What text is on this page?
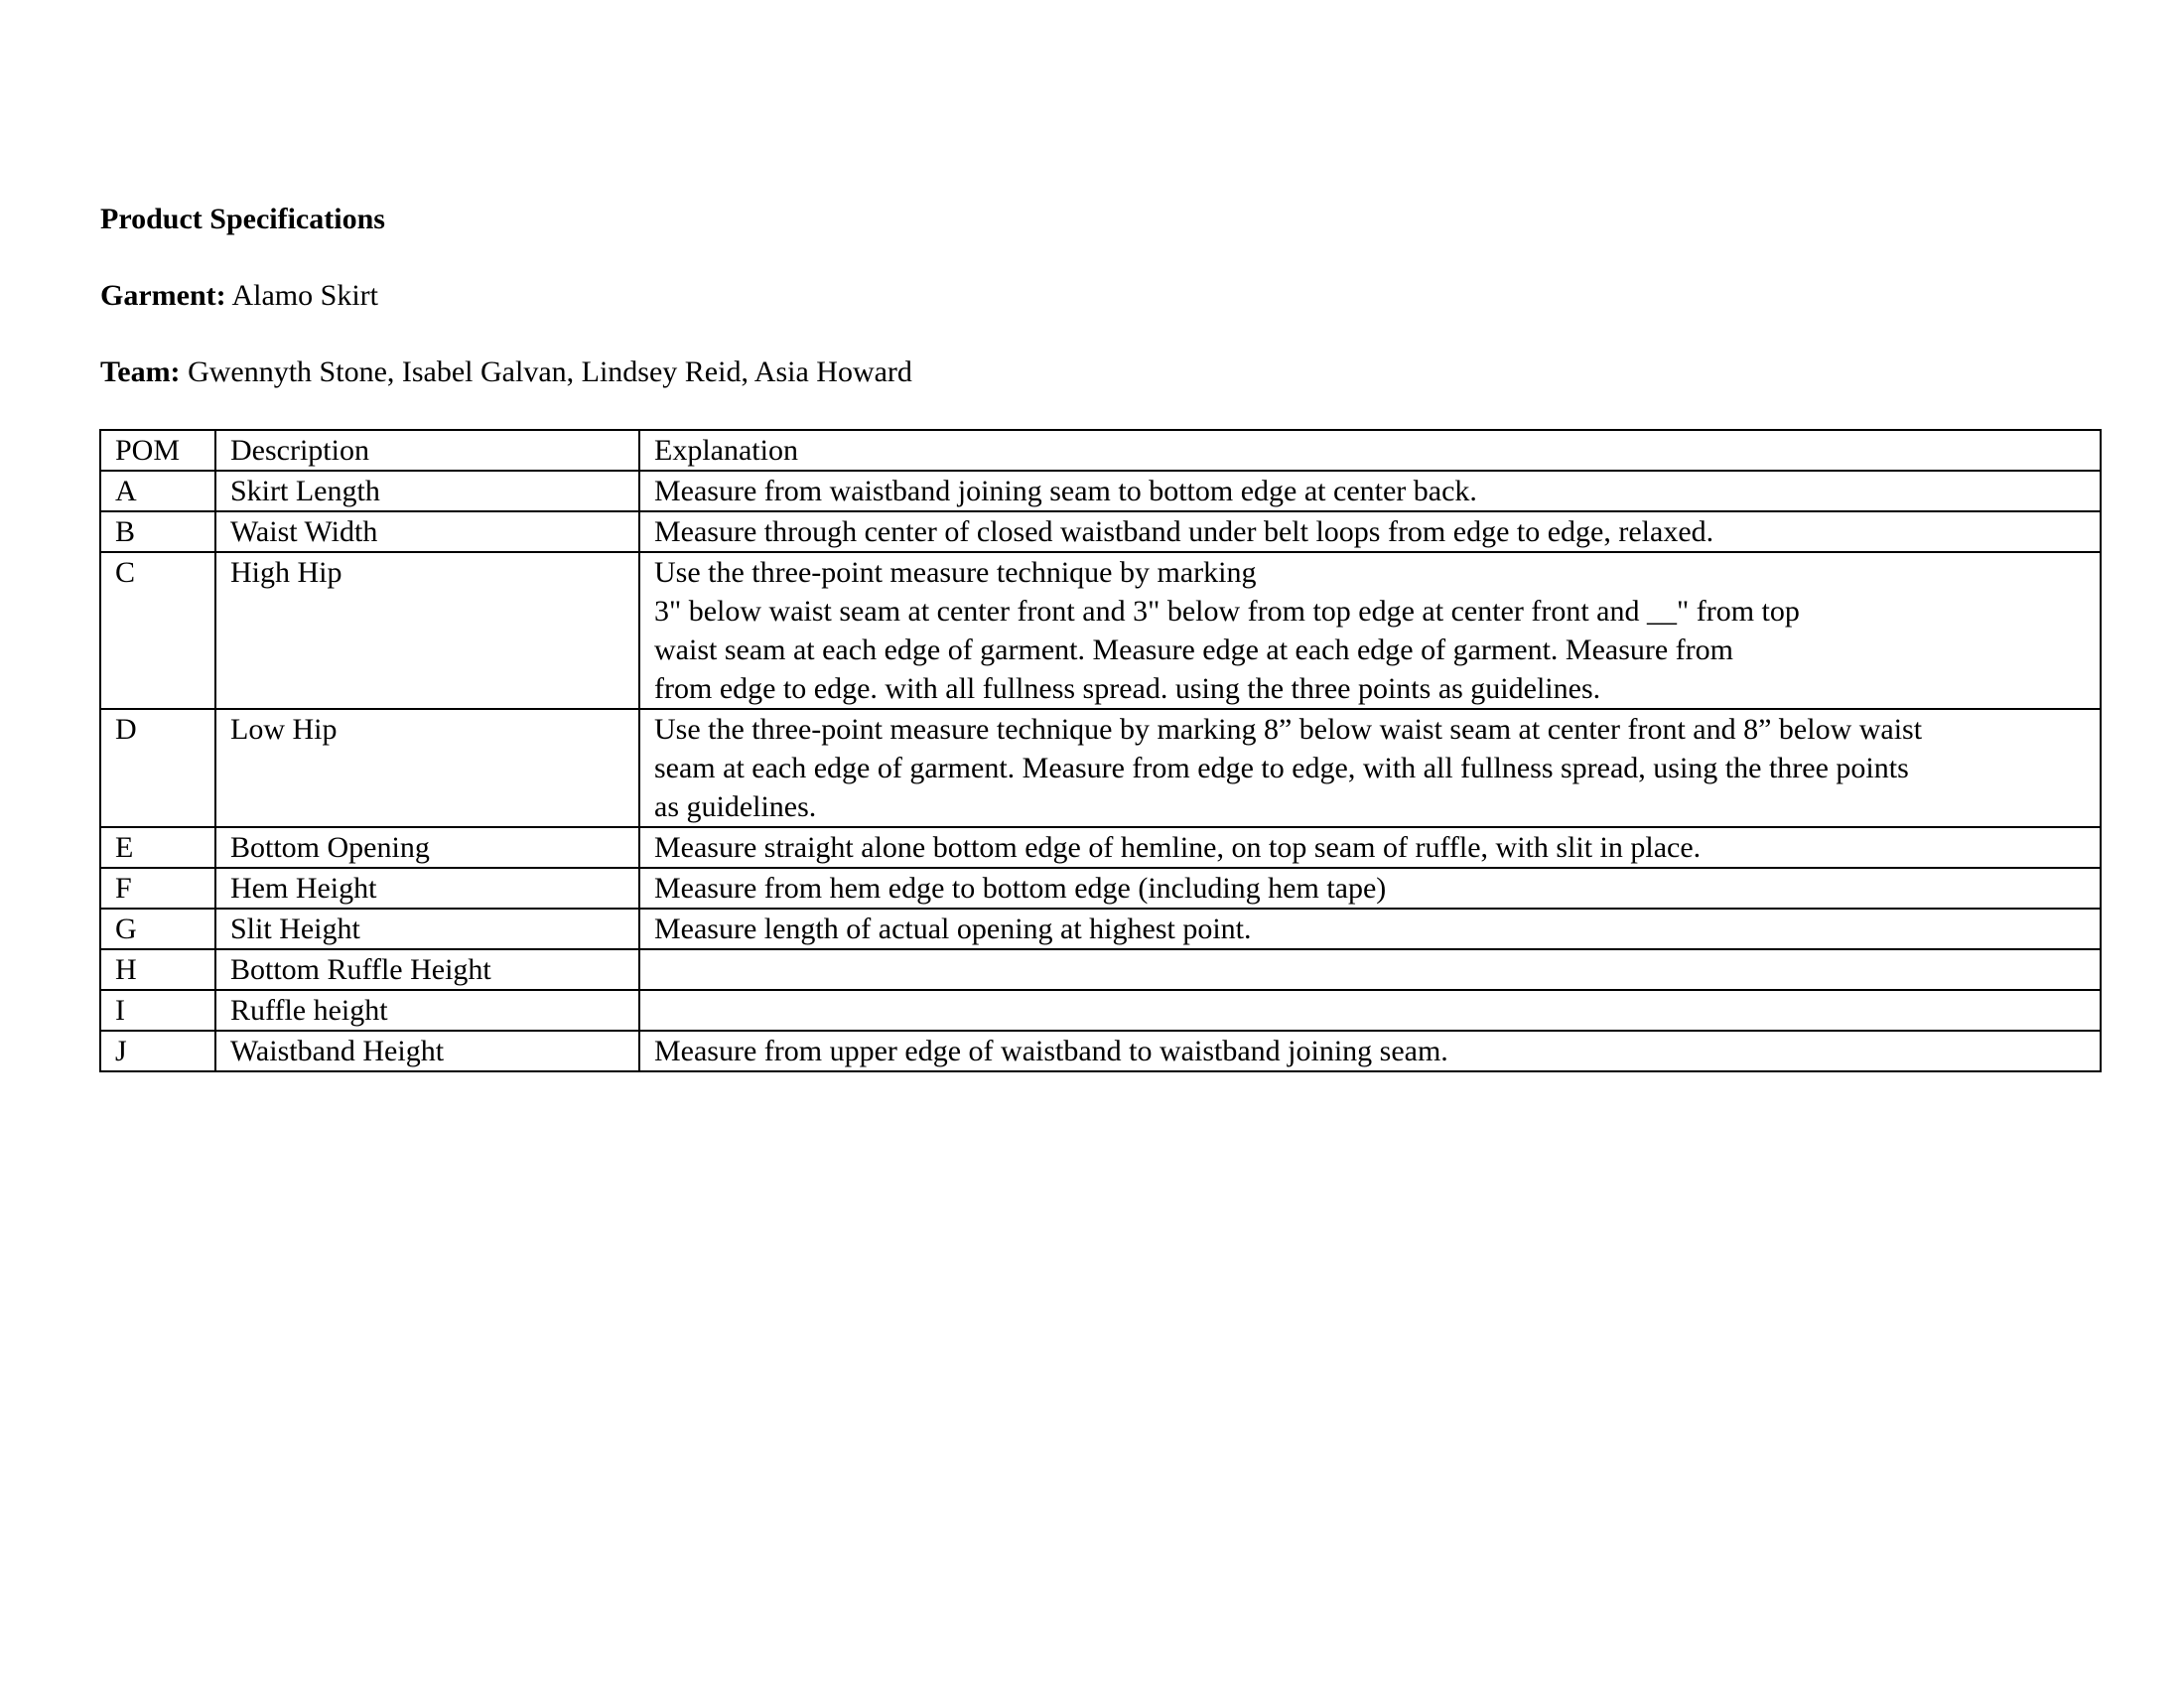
Product Specifications
Garment: Alamo Skirt
Team: Gwennyth Stone, Isabel Galvan, Lindsey Reid, Asia Howard
POM	Description	Explanation
A	Skirt Length	Measure from waistband joining seam to bottom edge at center back.
B	Waist Width	Measure through center of closed waistband under belt loops from edge to edge, relaxed.
C	High Hip	Use the three-point measure technique by marking
3" below waist seam at center front and 3" below from top edge at center front and __" from top
waist seam at each edge of garment. Measure edge at each edge of garment. Measure from
from edge to edge. with all fullness spread. using the three points as guidelines.

D	Low Hip	Use the three-point measure technique by marking 8” below waist seam at center front and 8” below waist
seam at each edge of garment. Measure from edge to edge, with all fullness spread, using the three points
as guidelines.

E	Bottom Opening	Measure straight alone bottom edge of hemline, on top seam of ruffle, with slit in place.
F	Hem Height	Measure from hem edge to bottom edge (including hem tape)
G	Slit Height	Measure length of actual opening at highest point.
H	Bottom Ruffle Height	
I	Ruffle height	
J	Waistband Height	Measure from upper edge of waistband to waistband joining seam.
